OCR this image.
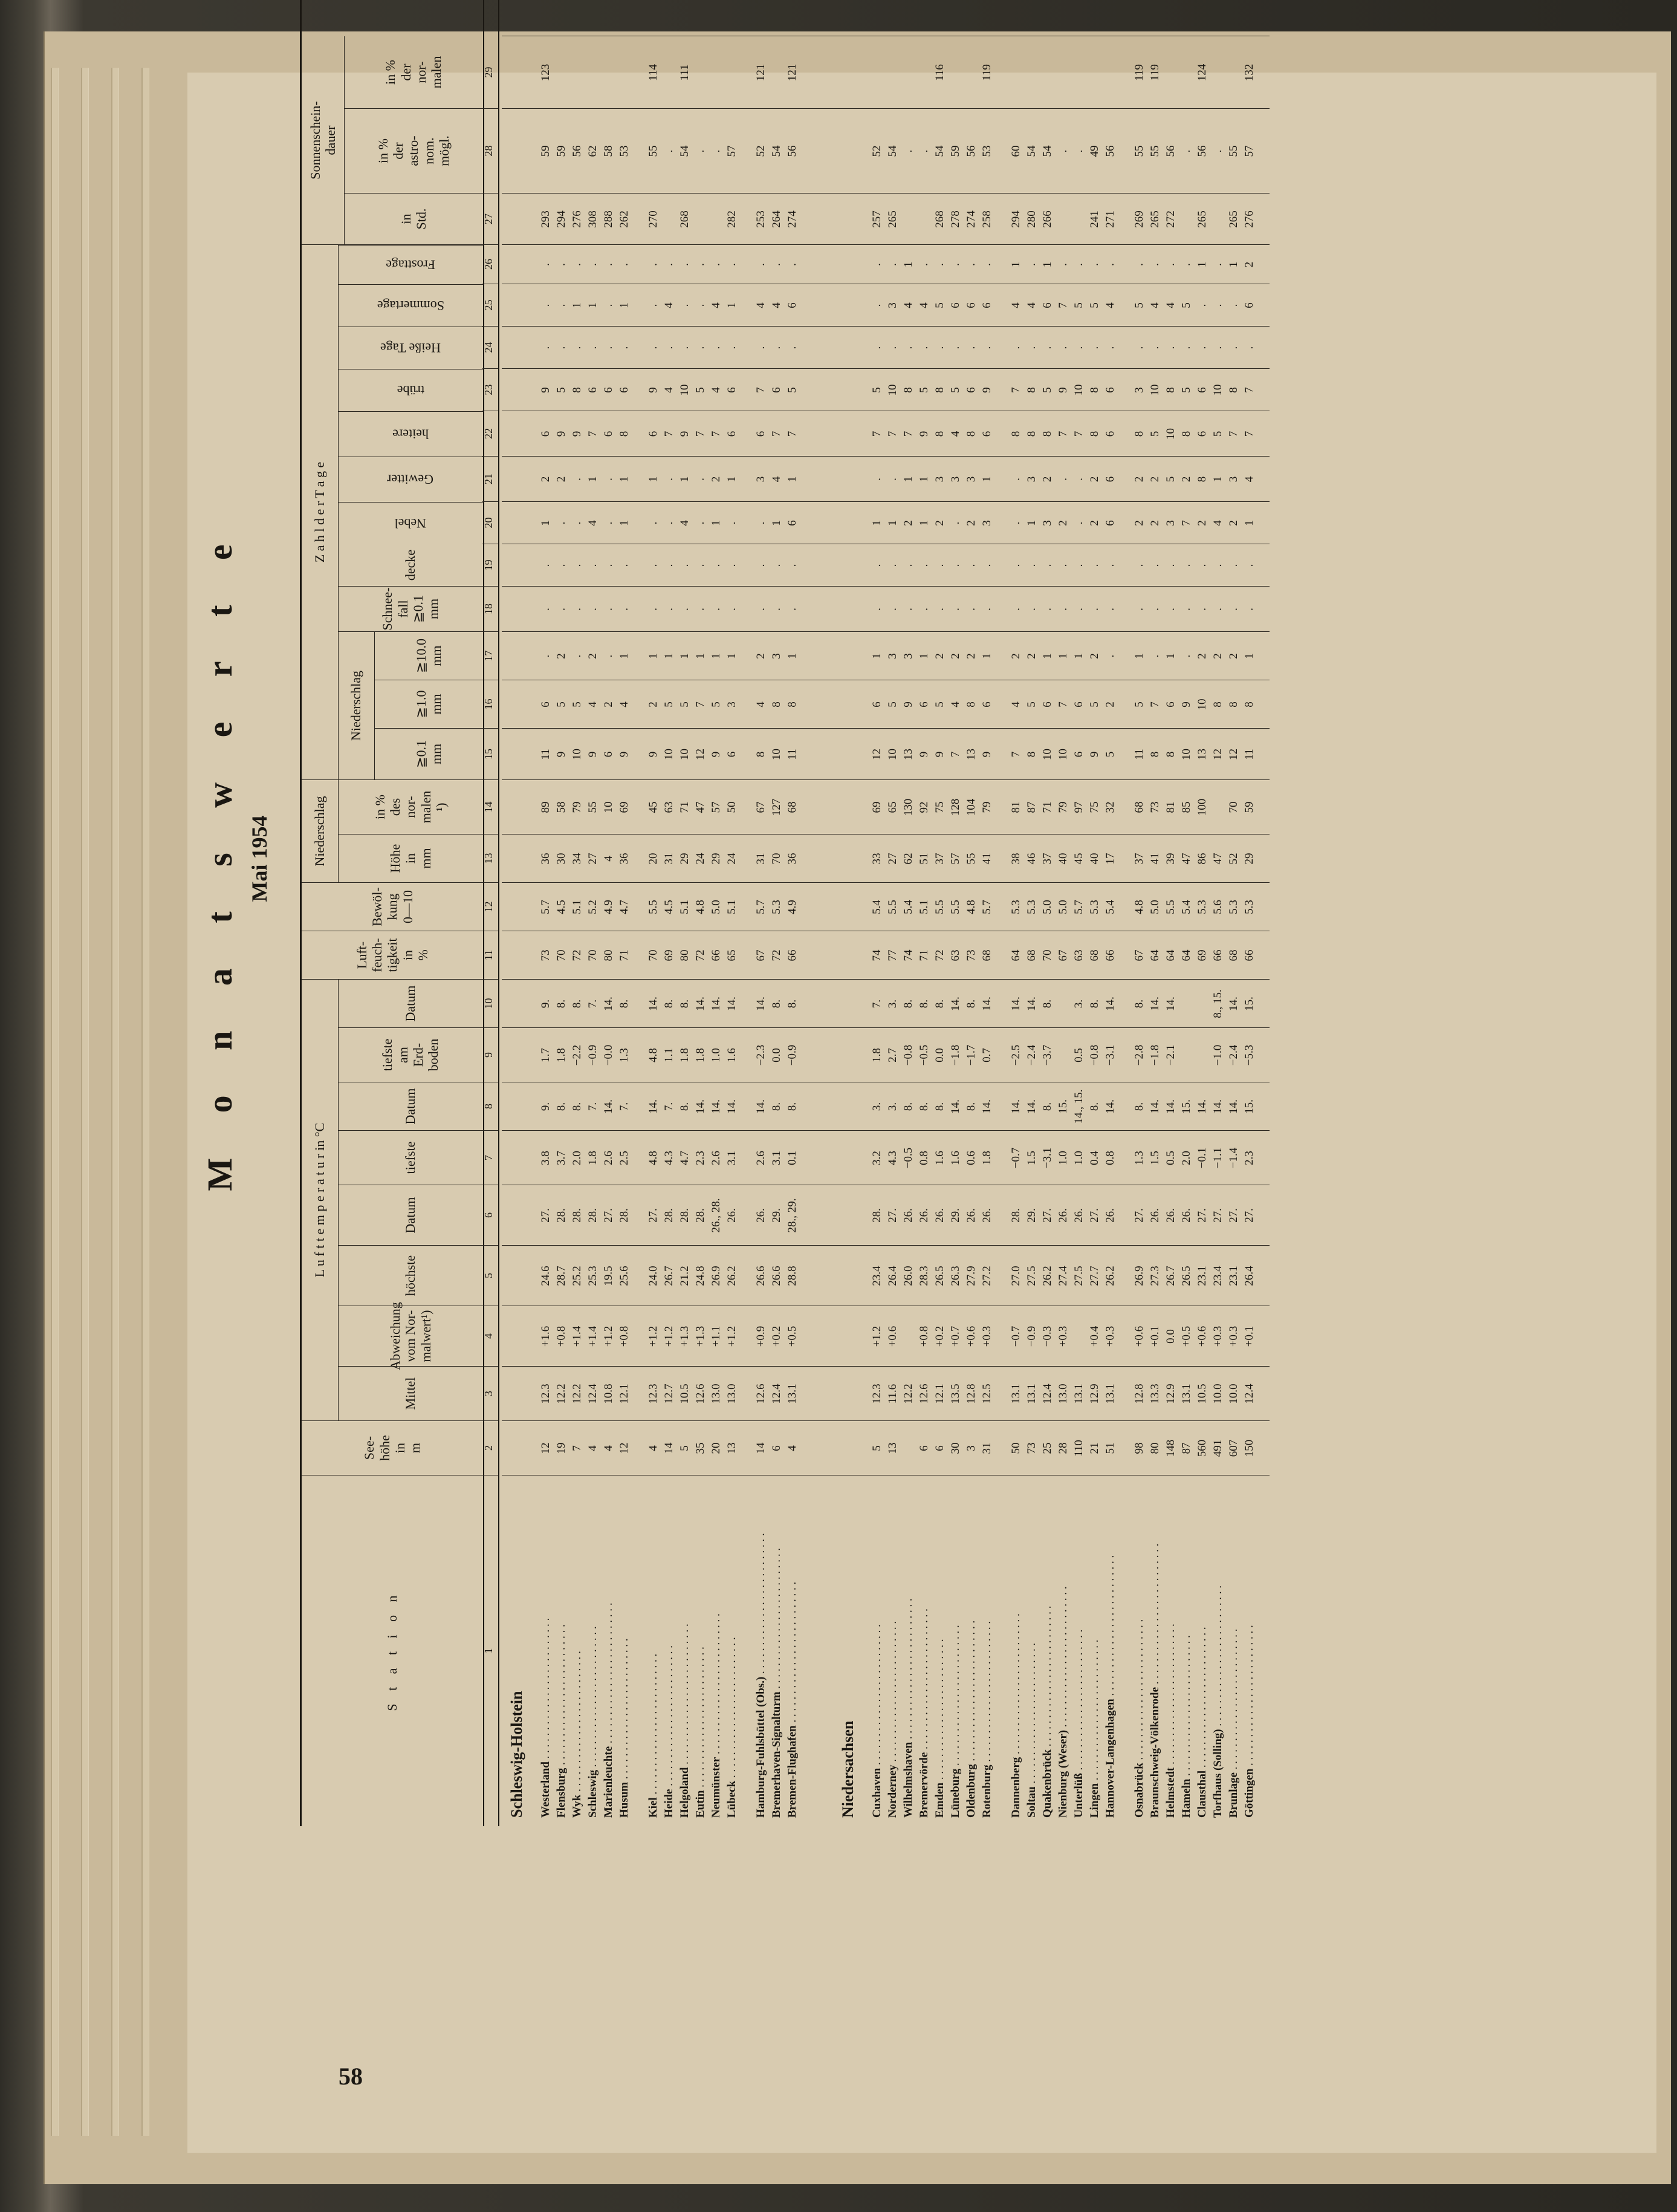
58
M o n a t s w e r t e Mai 1954
S t a t i o n
See-
höhe
in
m
L u f t t e m p e r a t u r in °C
Mittel
Abweichung
vom Nor-
malwert¹)
höchste
Datum
tiefste
Datum
tiefste
am
Erd-
boden
Datum
Luft-
feuch-
tigkeit
in
%
Bewöl-
kung
0—10
Niederschlag	Höhe
in
mm
in %
des
nor-
malen
¹)
Z a h l d e r T a g e
Niederschlag
≧0.1
mm
≧1.0
mm
≧10.0
mm
Schnee-
fall
≧0.1
mm
decke
Nebel
Gewitter
heitere
trübe
Heiße Tage
Sommertage
Frosttage
Sonnenschein-
dauer
in
Std.
in %
der
astro-
nom.
mögl.
in %
der
nor-
malen
1
2
3
4
5
6
7
8
9
10
11
12
13
14
15
16
17
18
19
20
21
22
23
24
25
26
27
28
29
Schleswig-Holstein Westerland . . . . . . . . . . . . . . . . . . . . . . . . .
12
12.3
+1.6
24.6
27.
3.8
9.
1.7
9.
73
5.7
36
89
11
6
.
.
.
1
2
6
9
.
.
.
293
59
123
Flensburg . . . . . . . . . . . . . . . . . . . . . . . . .
19
12.2
+0.8
28.7
28.
3.7
8.
1.8
8.
70
4.5
30
58
9
5
2
.
.
.
2
9
5
.
.
.
294
59
Wyk . . . . . . . . . . . . . . . . . . . . . . . . .
7
12.2
+1.4
25.2
28.
2.0
8.
−2.2
8.
72
5.1
34
79
10
5
.
.
.
.
.
9
8
.
1
.
276
56
Schleswig . . . . . . . . . . . . . . . . . . . . . . . . .
4
12.4
+1.4
25.3
28.
1.8
7.
−0.9
7.
70
5.2
27
55
9
4
2
.
.
4
1
7
6
.
1
.
308
62
Marienleuchte . . . . . . . . . . . . . . . . . . . . . . . . .
4
10.8
+1.2
19.5
27.
2.6
14.
−0.0
14.
80
4.9
4
10
6
2
.
.
.
.
.
6
6
.
.
.
288
58
Husum . . . . . . . . . . . . . . . . . . . . . . . . .
12
12.1
+0.8
25.6
28.
2.5
7.
1.3
8.
71
4.7
36
69
9
4
1
.
.
1
1
8
6
.
1
.
262
53
Kiel . . . . . . . . . . . . . . . . . . . . . . . . .
4
12.3
+1.2
24.0
27.
4.8
14.
4.8
14.
70
5.5
20
45
9
2
1
.
.
.
1
6
9
.
.
.
270
55
114
Heide . . . . . . . . . . . . . . . . . . . . . . . . .
14
12.7
+1.2
26.7
28.
4.3
7.
1.1
8.
69
4.5
31
63
10
5
1
.
.
.
.
7
4
.
4
.
.
Helgoland . . . . . . . . . . . . . . . . . . . . . . . . .
5
10.5
+1.3
21.2
28.
4.7
8.
1.8
8.
80
5.1
29
71
10
5
1
.
.
4
1
9
10
.
.
.
268
54
111
Eutin . . . . . . . . . . . . . . . . . . . . . . . . .
35
12.6
+1.3
24.8
28.
2.3
14.
1.8
14.
72
4.8
24
47
12
7
1
.
.
.
.
7
5
.
.
.
.
Neumünster . . . . . . . . . . . . . . . . . . . . . . . . .
20
13.0
+1.1
26.9
26., 28.
2.6
14.
1.0
14.
66
5.0
29
57
9
5
1
.
.
1
2
7
4
.
4
.
.
Lübeck . . . . . . . . . . . . . . . . . . . . . . . . .
13
13.0
+1.2
26.2
26.
3.1
14.
1.6
14.
65
5.1
24
50
6
3
1
.
.
.
1
6
6
.
1
.
282
57
Hamburg-Fuhlsbüttel (Obs.) . . . . . . . . . . . . . . . . . . . . . . . . .
14
12.6
+0.9
26.6
26.
2.6
14.
−2.3
14.
67
5.7
31
67
8
4
2
.
.
.
3
6
7
.
4
.
253
52
121
Bremerhaven-Signalturm . . . . . . . . . . . . . . . . . . . . . . . . .
6
12.4
+0.2
26.6
29.
3.1
8.
0.0
8.
72
5.3
70
127
10
8
3
.
.
1
4
7
6
.
4
.
264
54
Bremen-Flughafen . . . . . . . . . . . . . . . . . . . . . . . . .
4
13.1
+0.5
28.8
28., 29.
0.1
8.
−0.9
8.
66
4.9
36
68
11
8
1
.
.
6
1
7
5
.
6
.
274
56
121
Niedersachsen Cuxhaven . . . . . . . . . . . . . . . . . . . . . . . . .
5
12.3
+1.2
23.4
28.
3.2
3.
1.8
7.
74
5.4
33
69
12
6
1
.
.
1
.
7
5
.
.
.
257
52
Norderney . . . . . . . . . . . . . . . . . . . . . . . . .
13
11.6
+0.6
26.4
27.
4.3
3.
2.7
3.
77
5.5
27
65
10
5
3
.
.
1
.
7
10
.
3
.
265
54
Wilhelmshaven . . . . . . . . . . . . . . . . . . . . . . . . .
12.2
26.0
26.
−0.5
8.
−0.8
8.
74
5.4
62
130
13
9
3
.
.
2
1
7
8
.
4
1
.
Bremervörde . . . . . . . . . . . . . . . . . . . . . . . . .
6
12.6
+0.8
28.3
26.
0.8
8.
−0.5
8.
71
5.1
51
92
9
6
1
.
.
1
1
9
5
.
4
.
.
Emden . . . . . . . . . . . . . . . . . . . . . . . . .
6
12.1
+0.2
26.5
26.
1.6
8.
0.0
8.
72
5.5
37
75
9
5
2
.
.
2
3
8
8
.
5
.
268
54
116
Lüneburg . . . . . . . . . . . . . . . . . . . . . . . . .
30
13.5
+0.7
26.3
29.
1.6
14.
−1.8
14.
63
5.5
57
128
7
4
2
.
.
.
3
4
5
.
6
.
278
59
Oldenburg . . . . . . . . . . . . . . . . . . . . . . . . .
3
12.8
+0.6
27.9
26.
0.6
8.
−1.7
8.
73
4.8
55
104
13
8
2
.
.
2
3
8
6
.
6
.
274
56
Rotenburg . . . . . . . . . . . . . . . . . . . . . . . . .
31
12.5
+0.3
27.2
26.
1.8
14.
0.7
14.
68
5.7
41
79
9
6
1
.
.
3
1
6
9
.
6
.
258
53
119
Dannenberg . . . . . . . . . . . . . . . . . . . . . . . . .
50
13.1
−0.7
27.0
28.
−0.7
14.
−2.5
14.
64
5.3
38
81
7
4
2
.
.
.
.
8
7
.
4
1
294
60
Soltau . . . . . . . . . . . . . . . . . . . . . . . . .
73
13.1
−0.9
27.5
29.
1.5
14.
−2.4
14.
68
5.3
46
87
8
5
2
.
.
1
3
8
8
.
4
.
280
54
Quakenbrück . . . . . . . . . . . . . . . . . . . . . . . . .
25
12.4
−0.3
26.2
27.
−3.1
8.
−3.7
8.
70
5.0
37
71
10
6
1
.
.
3
2
8
5
.
6
1
266
54
Nienburg (Weser) . . . . . . . . . . . . . . . . . . . . . . . . .
28
13.0
+0.3
27.4
26.
1.0
15.
67
5.0
40
79
10
7
1
.
.
2
.
7
9
.
7
.
.
Unterlüß . . . . . . . . . . . . . . . . . . . . . . . . .
110
13.1
27.5
26.
1.0
14., 15.
0.5
3.
63
5.7
45
97
6
6
1
.
.
.
.
7
10
.
5
.
.
Lingen . . . . . . . . . . . . . . . . . . . . . . . . .
21
12.9
+0.4
27.7
27.
0.4
8.
−0.8
8.
68
5.3
40
75
9
5
2
.
.
2
2
8
8
.
5
.
241
49
Hannover-Langenhagen . . . . . . . . . . . . . . . . . . . . . . . . .
51
13.1
+0.3
26.2
26.
0.8
14.
−3.1
14.
66
5.4
17
32
5
2
.
.
.
6
6
6
6
.
4
.
271
56
Osnabrück . . . . . . . . . . . . . . . . . . . . . . . . .
98
12.8
+0.6
26.9
27.
1.3
8.
−2.8
8.
67
4.8
37
68
11
5
1
.
.
2
2
8
3
.
5
.
269
55
119
Braunschweig-Völkenrode . . . . . . . . . . . . . . . . . . . . . . . . .
80
13.3
+0.1
27.3
26.
1.5
14.
−1.8
14.
64
5.0
41
73
8
7
.
.
.
2
2
5
10
.
4
.
265
55
119
Helmstedt . . . . . . . . . . . . . . . . . . . . . . . . .
148
12.9
0.0
26.7
26.
0.5
14.
−2.1
14.
64
5.5
39
81
8
6
1
.
.
3
5
10
8
.
4
.
272
56
Hameln . . . . . . . . . . . . . . . . . . . . . . . . .
87
13.1
+0.5
26.5
26.
2.0
15.
64
5.4
47
85
10
9
.
.
.
7
2
8
5
.
5
.
.
Clausthal . . . . . . . . . . . . . . . . . . . . . . . . .
560
10.5
+0.6
23.1
27.
−0.1
14.
69
5.3
86
100
13
10
2
.
.
2
8
6
6
.
.
1
265
56
124
Torfhaus (Solling) . . . . . . . . . . . . . . . . . . . . . . . . .
491
10.0
+0.3
23.4
27.
−1.1
14.
−1.0
8., 15.
66
5.6
47
12
8
2
.
.
4
1
5
10
.
.
.
.
Brunlage . . . . . . . . . . . . . . . . . . . . . . . . .
607
10.0
+0.3
23.1
27.
−1.4
14.
−2.4
14.
68
5.3
52
70
12
8
2
.
.
2
3
7
8
.
.
1
265
55
Göttingen . . . . . . . . . . . . . . . . . . . . . . . . .
150
12.4
+0.1
26.4
27.
2.3
15.
−5.3
15.
66
5.3
29
59
11
8
1
.
.
1
4
7
7
.
6
2
276
57
132
